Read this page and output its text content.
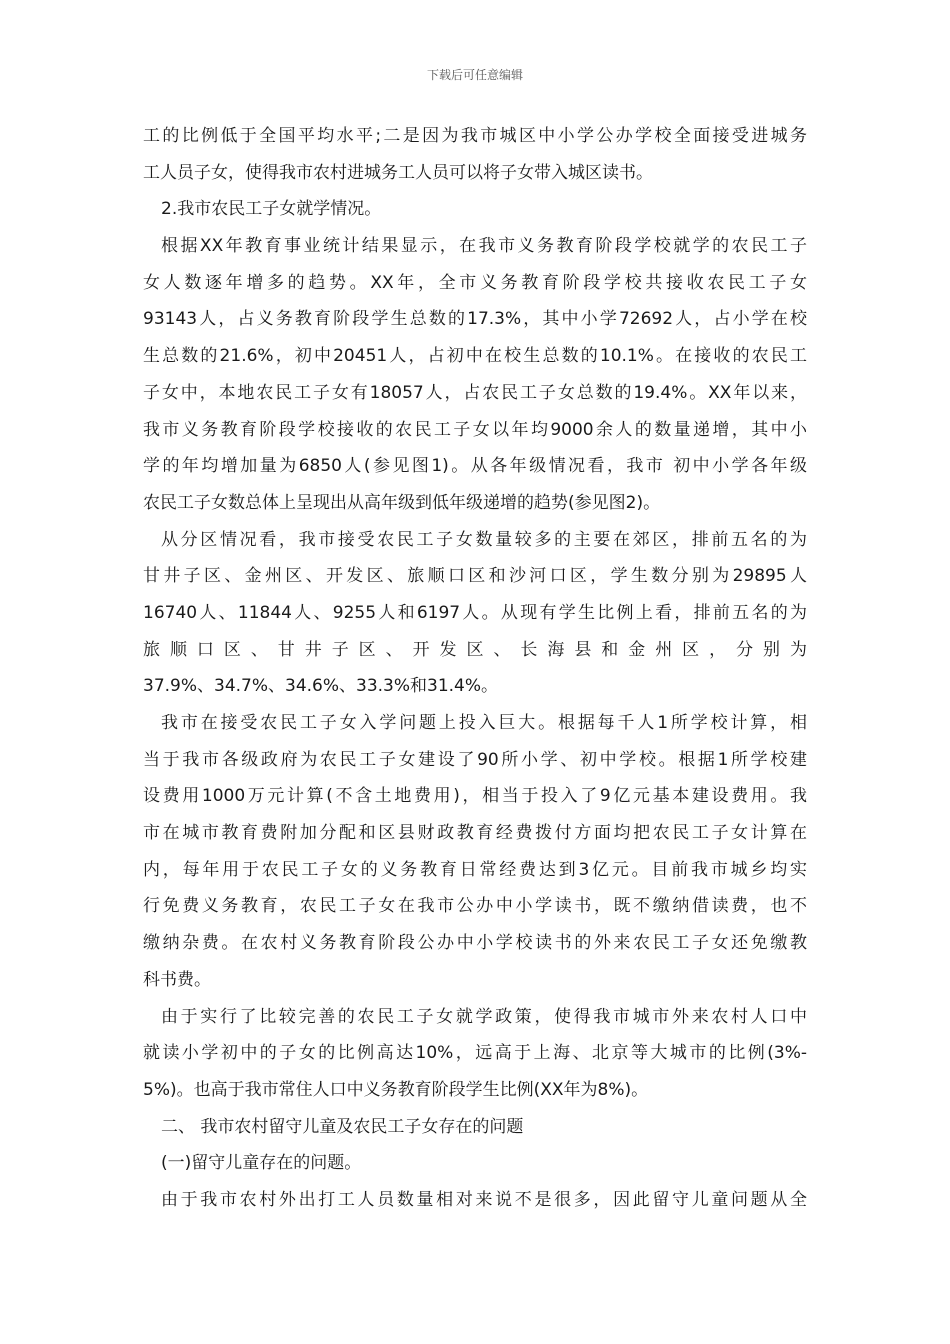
下载后可任意编辑
工的比例低于全国平均水平;二是因为我市城区中小学公办学校全面接受进城务
工人员子女，使得我市农村进城务工人员可以将子女带入城区读书。
2.我市农民工子女就学情况。
根据XX年教育事业统计结果显示，在我市义务教育阶段学校就学的农民工子
女人数逐年增多的趋势。XX年，全市义务教育阶段学校共接收农民工子女
93143人，占义务教育阶段学生总数的17.3%，其中小学72692人，占小学在校
生总数的21.6%，初中20451人，占初中在校生总数的10.1%。在接收的农民工
子女中，本地农民工子女有18057人，占农民工子女总数的19.4%。XX年以来，
我市义务教育阶段学校接收的农民工子女以年均9000余人的数量递增，其中小
学的年均增加量为6850人(参见图1)。从各年级情况看，我市 初中小学各年级
农民工子女数总体上呈现出从高年级到低年级递增的趋势(参见图2)。
从分区情况看，我市接受农民工子女数量较多的主要在郊区，排前五名的为
甘井子区、金州区、开发区、旅顺口区和沙河口区，学生数分别为29895人
16740人、11844人、9255人和6197人。从现有学生比例上看，排前五名的为
旅顺口区、甘井子区、开发区、长海县和金州区，分别为
37.9%、34.7%、34.6%、33.3%和31.4%。
我市在接受农民工子女入学问题上投入巨大。根据每千人1所学校计算，相
当于我市各级政府为农民工子女建设了90所小学、初中学校。根据1所学校建
设费用1000万元计算(不含土地费用)，相当于投入了9亿元基本建设费用。我
市在城市教育费附加分配和区县财政教育经费拨付方面均把农民工子女计算在
内，每年用于农民工子女的义务教育日常经费达到3亿元。目前我市城乡均实
行免费义务教育，农民工子女在我市公办中小学读书，既不缴纳借读费，也不
缴纳杂费。在农村义务教育阶段公办中小学校读书的外来农民工子女还免缴教
科书费。
由于实行了比较完善的农民工子女就学政策，使得我市城市外来农村人口中
就读小学初中的子女的比例高达10%，远高于上海、北京等大城市的比例(3%-
5%)。也高于我市常住人口中义务教育阶段学生比例(XX年为8%)。
二、 我市农村留守儿童及农民工子女存在的问题
(一)留守儿童存在的问题。
由于我市农村外出打工人员数量相对来说不是很多，因此留守儿童问题从全
